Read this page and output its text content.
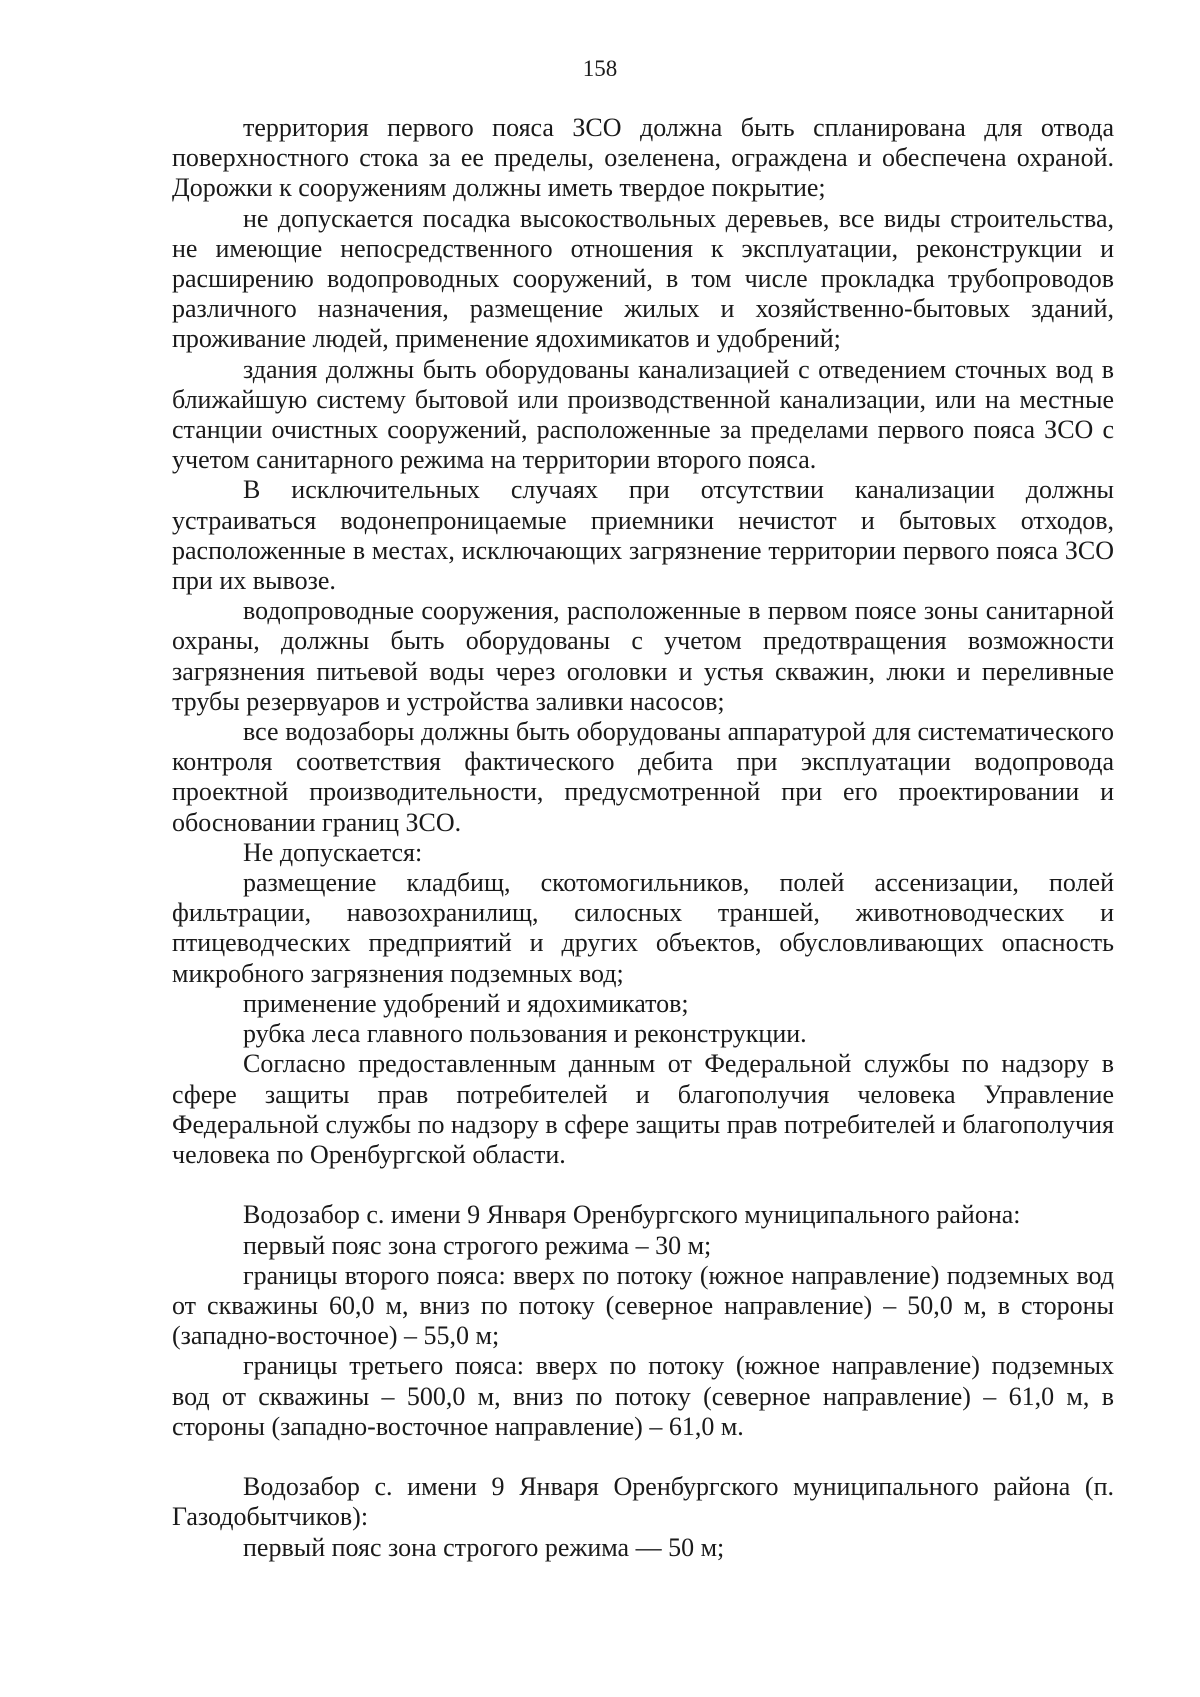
158

территория первого пояса ЗСО должна быть спланирована для отвода поверхностного стока за ее пределы, озеленена, ограждена и обеспечена охраной. Дорожки к сооружениям должны иметь твердое покрытие;

не допускается посадка высокоствольных деревьев, все виды строительства, не имеющие непосредственного отношения к эксплуатации, реконструкции и расширению водопроводных сооружений, в том числе прокладка трубопроводов различного назначения, размещение жилых и хозяйственно-бытовых зданий, проживание людей, применение ядохимикатов и удобрений;

здания должны быть оборудованы канализацией с отведением сточных вод в ближайшую систему бытовой или производственной канализации, или на местные станции очистных сооружений, расположенные за пределами первого пояса ЗСО с учетом санитарного режима на территории второго пояса.

В исключительных случаях при отсутствии канализации должны устраиваться водонепроницаемые приемники нечистот и бытовых отходов, расположенные в местах, исключающих загрязнение территории первого пояса ЗСО при их вывозе.

водопроводные сооружения, расположенные в первом поясе зоны санитарной охраны, должны быть оборудованы с учетом предотвращения возможности загрязнения питьевой воды через оголовки и устья скважин, люки и переливные трубы резервуаров и устройства заливки насосов;

все водозаборы должны быть оборудованы аппаратурой для систематического контроля соответствия фактического дебита при эксплуатации водопровода проектной производительности, предусмотренной при его проектировании и обосновании границ ЗСО.

Не допускается:

размещение кладбищ, скотомогильников, полей ассенизации, полей фильтрации, навозохранилищ, силосных траншей, животноводческих и птицеводческих предприятий и других объектов, обусловливающих опасность микробного загрязнения подземных вод;

применение удобрений и ядохимикатов;

рубка леса главного пользования и реконструкции.

Согласно предоставленным данным от Федеральной службы по надзору в сфере защиты прав потребителей и благополучия человека Управление Федеральной службы по надзору в сфере защиты прав потребителей и благополучия человека по Оренбургской области.

Водозабор с. имени 9 Января Оренбургского муниципального района:

первый пояс зона строгого режима – 30 м;

границы второго пояса: вверх по потоку (южное направление) подземных вод от скважины 60,0 м, вниз по потоку (северное направление) – 50,0 м, в стороны (западно-восточное) – 55,0 м;

границы третьего пояса: вверх по потоку (южное направление) подземных вод от скважины – 500,0 м, вниз по потоку (северное направление) – 61,0 м, в стороны (западно-восточное направление) – 61,0 м.

Водозабор с. имени 9 Января Оренбургского муниципального района (п. Газодобытчиков):

первый пояс зона строгого режима — 50 м;
